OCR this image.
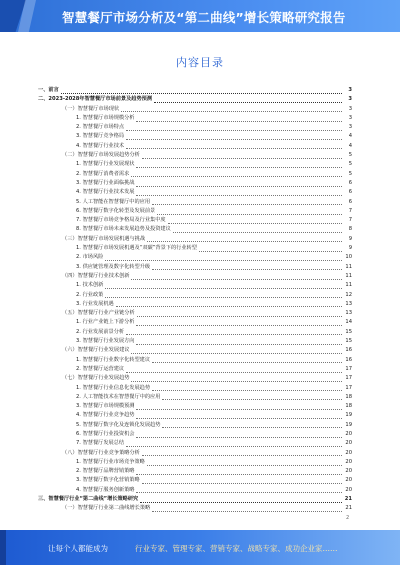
智慧餐厅市场分析及“第二曲线”增长策略研究报告
内容目录
一、前言	3
二、2023-2028年智慧餐厅市场前景及趋势预测	3
（一）智慧餐厅市场现状	3
1. 智慧餐厅市场规模分析	3
2. 智慧餐厅市场特点	3
3. 智慧餐厅竞争格局	4
4. 智慧餐厅行业技术	4
（二）智慧餐厅市场发展趋势分析	5
1. 智慧餐厅行业发展现状	5
2. 智慧餐厅消费者需求	5
3. 智慧餐厅行业面临挑战	6
4. 智慧餐厅行业技术发展	6
5. 人工智能在智慧餐厅中的应用	6
6. 智慧餐厅数字化转型及发展前景	7
7. 智慧餐厅市场竞争格局及行业集中度	7
8. 智慧餐厅市场未来发展趋势及投资建议	8
（三）智慧餐厅市场发展机遇与挑战	9
1. 智慧餐厅市场发展机遇及“双碳”背景下的行业转型	9
2. 市场风险	10
3. 供应链管理及数字化转型升级	11
（四）智慧餐厅行业技术创新	11
1. 技术创新	11
2. 行业政策	12
3. 行业发展机遇	13
（五）智慧餐厅行业产业链分析	13
1. 行业产业链上下游分析	14
2. 行业发展前景分析	15
3. 智慧餐厅行业发展方向	15
（六）智慧餐厅行业发展建议	16
1. 智慧餐厅行业数字化转型建议	16
2. 智慧餐厅运营建议	17
（七）智慧餐厅行业发展趋势	17
1. 智慧餐厅行业信息化发展趋势	17
2. 人工智能技术在智慧餐厅中的应用	18
3. 智慧餐厅市场规模预测	18
4. 智慧餐厅行业竞争趋势	19
5. 智慧餐厅数字化及连锁化发展趋势	19
6. 智慧餐厅行业投资机会	20
7. 智慧餐厅发展总结	20
（八）智慧餐厅行业竞争策略分析	20
1. 智慧餐厅行业市场竞争策略	20
2. 智慧餐厅品牌营销策略	20
3. 智慧餐厅数字化营销策略	20
4. 智慧餐厅服务创新策略	20
三、智慧餐厅行业“第二曲线”增长策略研究	21
（一）智慧餐厅行业第二曲线增长策略	21
2
让每个人都能成为	行业专家、管理专家、营销专家、战略专家、成功企业家……
